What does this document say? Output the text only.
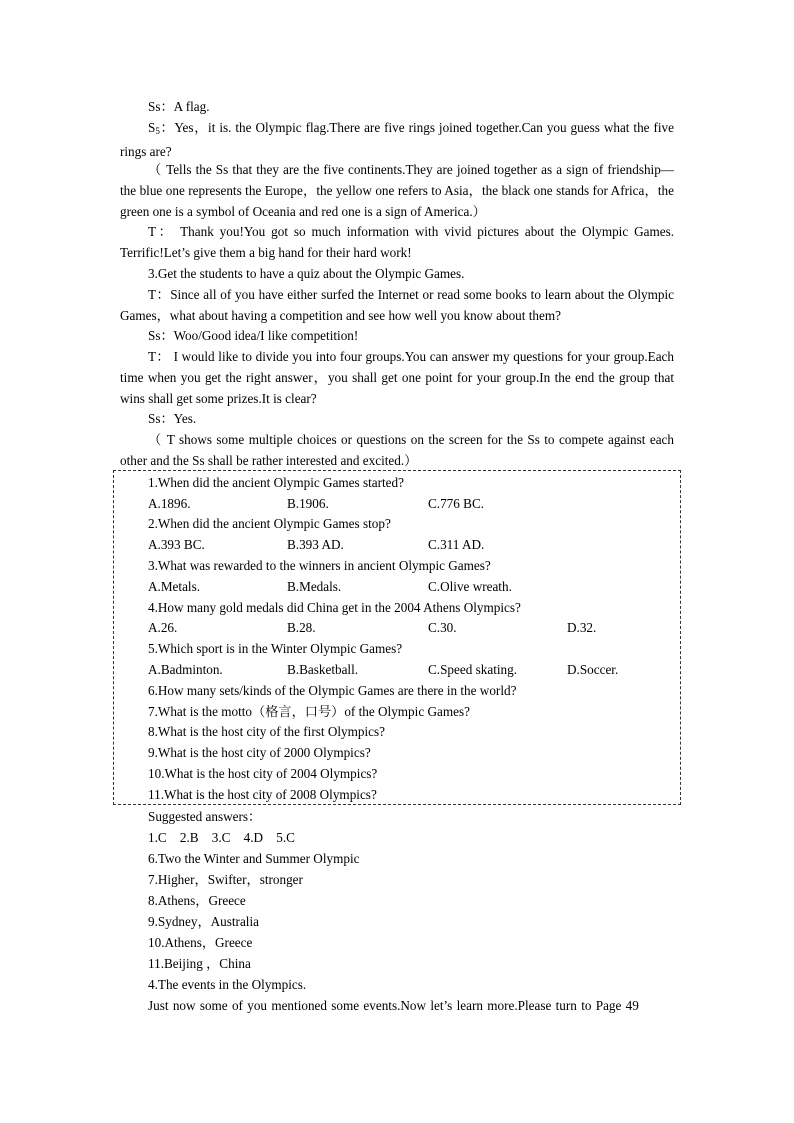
Ss：A flag.
$S_5$：Yes，it is. the Olympic flag.There are five rings joined together.Can you guess what the five rings are?
（ Tells the Ss that they are the five continents.They are joined together as a sign of friendship—the blue one represents the Europe，the yellow one refers to Asia，the black one stands for Africa，the green one is a symbol of Oceania and red one is a sign of America.）
T： Thank you!You got so much information with vivid pictures about the Olympic Games. Terrific!Let’s give them a big hand for their hard work!
3.Get the students to have a quiz about the Olympic Games.
T：Since all of you have either surfed the Internet or read some books to learn about the Olympic Games，what about having a competition and see how well you know about them?
Ss：Woo/Good idea/I like competition!
T： I would like to divide you into four groups.You can answer my questions for your group.Each time when you get the right answer，you shall get one point for your group.In the end the group that wins shall get some prizes.It is clear?
Ss：Yes.
（ T shows some multiple choices or questions on the screen for the Ss to compete against each other and the Ss shall be rather interested and excited.）
1.When did the ancient Olympic Games started?
A.1896.	B.1906.	C.776 BC.
2.When did the ancient Olympic Games stop?
A.393 BC.	B.393 AD.	C.311 AD.
3.What was rewarded to the winners in ancient Olympic Games?
A.Metals.	B.Medals.	C.Olive wreath.
4.How many gold medals did China get in the 2004 Athens Olympics?
A.26.	B.28.	C.30.	D.32.
5.Which sport is in the Winter Olympic Games?
A.Badminton.	B.Basketball.	C.Speed skating.	D.Soccer.
6.How many sets/kinds of the Olympic Games are there in the world?
7.What is the motto（格言，口号）of the Olympic Games?
8.What is the host city of the first Olympics?
9.What is the host city of 2000 Olympics?
10.What is the host city of 2004 Olympics?
11.What is the host city of 2008 Olympics?
Suggested answers：
1.C    2.B    3.C    4.D    5.C
6.Two the Winter and Summer Olympic
7.Higher，Swifter，stronger
8.Athens，Greece
9.Sydney，Australia
10.Athens，Greece
11.Beijing ，China
4.The events in the Olympics.
Just now some of you mentioned some events.Now let’s learn more.Please turn to Page 49
